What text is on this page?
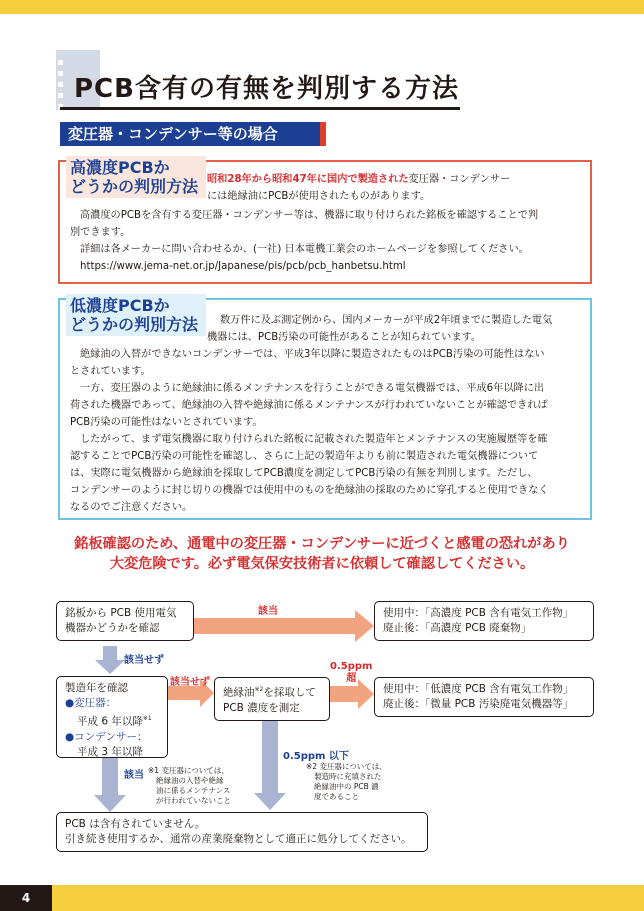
PCB含有の有無を判別する方法
変圧器・コンデンサー等の場合
高濃度PCBか
どうかの判別方法 昭和28年から昭和47年に国内で製造された変圧器・コンデンサー
には絶縁油にPCBが使用されたものがあります。
高濃度のPCBを含有する変圧器・コンデンサー等は、機器に取り付けられた銘板を確認することで判
別できます。
詳細は各メーカーに問い合わせるか、(一社) 日本電機工業会のホームページを参照してください。
https://www.jema-net.or.jp/Japanese/pis/pcb/pcb_hanbetsu.html
低濃度PCBか
どうかの判別方法 数万件に及ぶ測定例から、国内メーカーが平成2年頃までに製造した電気
機器には、PCB汚染の可能性があることが知られています。
絶縁油の入替ができないコンデンサーでは、平成3年以降に製造されたものはPCB汚染の可能性はない
とされています。
一方、変圧器のように絶縁油に係るメンテナンスを行うことができる電気機器では、平成6年以降に出
荷された機器であって、絶縁油の入替や絶縁油に係るメンテナンスが行われていないことが確認できれば
PCB汚染の可能性はないとされています。
したがって、まず電気機器に取り付けられた銘板に記載された製造年とメンテナンスの実施履歴等を確
認することでPCB汚染の可能性を確認し、さらに上記の製造年よりも前に製造された電気機器について
は、実際に電気機器から絶縁油を採取してPCB濃度を測定してPCB汚染の有無を判別します。ただし、
コンデンサーのように封じ切りの機器では使用中のものを絶縁油の採取のために穿孔すると使用できなく
なるのでご注意ください。
銘板確認のため、通電中の変圧器・コンデンサーに近づくと感電の恐れがあり
大変危険です。必ず電気保安技術者に依頼して確認してください。
銘板から PCB 使用電気
機器かどうかを確認
使用中：「高濃度 PCB 含有電気工作物」
廃止後：「高濃度 PCB 廃棄物」
製造年を確認
●変圧器：
平成 6 年以降$^{※1}$
●コンデンサー：
平成 3 年以降
絶縁油$^{※2}$を採取して
PCB 濃度を測定
使用中：「低濃度 PCB 含有電気工作物」
廃止後：「微量 PCB 汚染廃電気機器等」
PCB は含有されていません。
引き続き使用するか、通常の産業廃棄物として適正に処分してください。
該当
該当せず
該当せず
0.5ppm
超
該当
0.5ppm 以下
※1 変圧器については、
絶縁油の入替や絶縁
油に係るメンテナンス
が行われていないこと
※2 変圧器については、
製造時に充填された
絶縁油中の PCB 濃
度であること
4
